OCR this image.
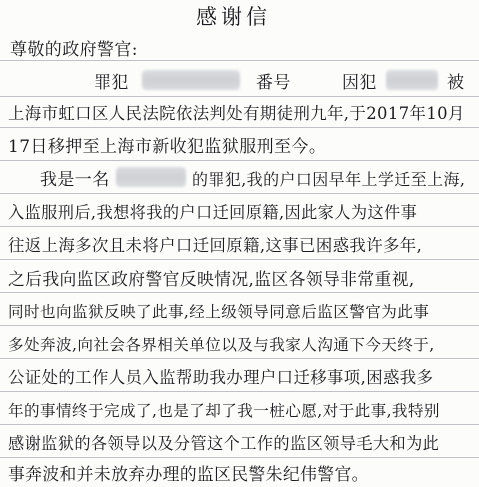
感谢信
尊敬的政府警官:
罪犯	番号	因犯	被
上海市虹口区人民法院依法判处有期徒刑九年,于2017年10月
17日移押至上海市新收犯监狱服刑至今。
我是一名	的罪犯,我的户口因早年上学迁至上海,
入监服刑后,我想将我的户口迁回原籍,因此家人为这件事
往返上海多次且未将户口迁回原籍,这事已困惑我许多年,
之后我向监区政府警官反映情况,监区各领导非常重视,
同时也向监狱反映了此事,经上级领导同意后监区警官为此事
多处奔波,向社会各界相关单位以及与我家人沟通下今天终于,
公证处的工作人员入监帮助我办理户口迁移事项,困惑我多
年的事情终于完成了,也是了却了我一桩心愿,对于此事,我特别
感谢监狱的各领导以及分管这个工作的监区领导毛大和为此
事奔波和并未放弃办理的监区民警朱纪伟警官。
